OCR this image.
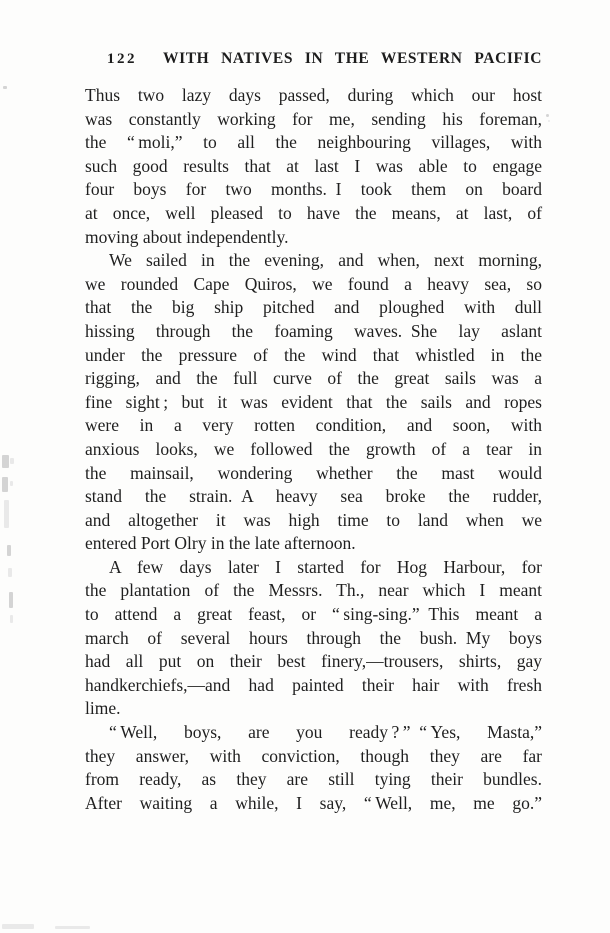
122 WITH NATIVES IN THE WESTERN PACIFIC
Thus two lazy days passed, during which our host
was constantly working for me, sending his foreman,
the “ moli,” to all the neighbouring villages, with
such good results that at last I was able to engage
four boys for two months. I took them on board
at once, well pleased to have the means, at last, of
moving about independently.
We sailed in the evening, and when, next morning,
we rounded Cape Quiros, we found a heavy sea, so
that the big ship pitched and ploughed with dull
hissing through the foaming waves. She lay aslant
under the pressure of the wind that whistled in the
rigging, and the full curve of the great sails was a
fine sight ; but it was evident that the sails and ropes
were in a very rotten condition, and soon, with
anxious looks, we followed the growth of a tear in
the mainsail, wondering whether the mast would
stand the strain. A heavy sea broke the rudder,
and altogether it was high time to land when we
entered Port Olry in the late afternoon.
A few days later I started for Hog Harbour, for
the plantation of the Messrs. Th., near which I meant
to attend a great feast, or “ sing-sing.” This meant a
march of several hours through the bush. My boys
had all put on their best finery,—trousers, shirts, gay
handkerchiefs,—and had painted their hair with fresh
lime.
“ Well, boys, are you ready ? ” “ Yes, Masta,”
they answer, with conviction, though they are far
from ready, as they are still tying their bundles.
After waiting a while, I say, “ Well, me, me go.”
